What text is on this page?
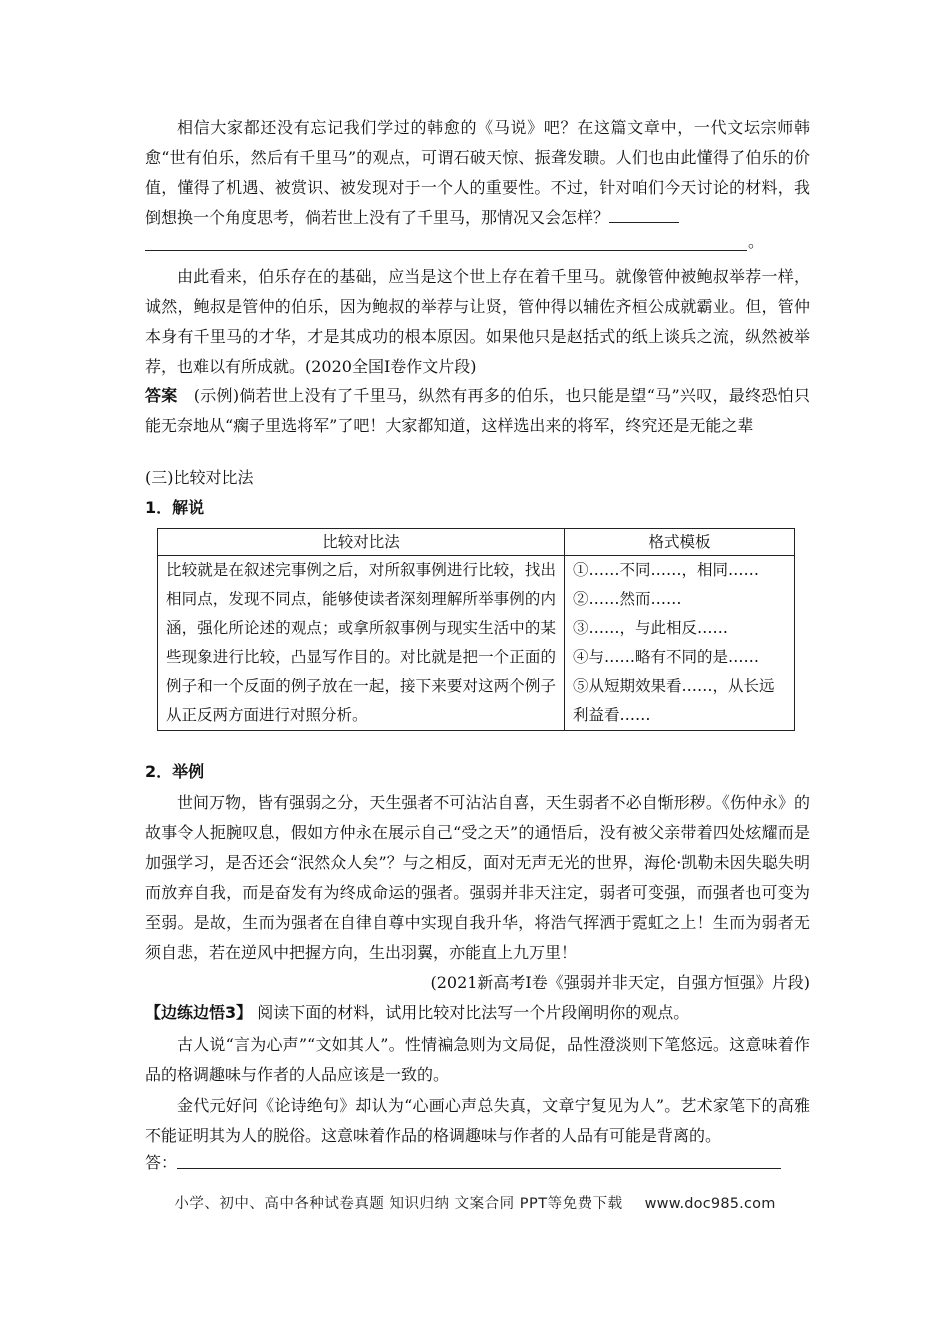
相信大家都还没有忘记我们学过的韩愈的《马说》吧？在这篇文章中，一代文坛宗师韩愈“世有伯乐，然后有千里马”的观点，可谓石破天惊、振聋发聩。人们也由此懂得了伯乐的价值，懂得了机遇、被赏识、被发现对于一个人的重要性。不过，针对咱们今天讨论的材料，我倒想换一个角度思考，倘若世上没有了千里马，那情况又会怎样？

。

由此看来，伯乐存在的基础，应当是这个世上存在着千里马。就像管仲被鲍叔举荐一样，诚然，鲍叔是管仲的伯乐，因为鲍叔的举荐与让贤，管仲得以辅佐齐桓公成就霸业。但，管仲本身有千里马的才华，才是其成功的根本原因。如果他只是赵括式的纸上谈兵之流，纵然被举荐，也难以有所成就。(2020全国Ⅰ卷作文片段)

答案 (示例)倘若世上没有了千里马，纵然有再多的伯乐，也只能是望“马”兴叹，最终恐怕只能无奈地从“瘸子里选将军”了吧！大家都知道，这样选出来的将军，终究还是无能之辈

(三)比较对比法

1．解说

比较对比法	格式模板

比较就是在叙述完事例之后，对所叙事例进行比较，找出相同点，发现不同点，能够使读者深刻理解所举事例的内涵，强化所论述的观点；或拿所叙事例与现实生活中的某些现象进行比较，凸显写作目的。对比就是把一个正面的例子和一个反面的例子放在一起，接下来要对这两个例子从正反两方面进行对照分析。	①……不同……，相同……
②……然而……
③……，与此相反……
④与……略有不同的是……
⑤从短期效果看……，从长远利益看……

2．举例

世间万物，皆有强弱之分，天生强者不可沾沾自喜，天生弱者不必自惭形秽。《伤仲永》的故事令人扼腕叹息，假如方仲永在展示自己“受之天”的通悟后，没有被父亲带着四处炫耀而是加强学习，是否还会“泯然众人矣”？与之相反，面对无声无光的世界，海伦·凯勒未因失聪失明而放弃自我，而是奋发有为终成命运的强者。强弱并非天注定，弱者可变强，而强者也可变为至弱。是故，生而为强者在自律自尊中实现自我升华，将浩气挥洒于霓虹之上！生而为弱者无须自悲，若在逆风中把握方向，生出羽翼，亦能直上九万里！

(2021新高考Ⅰ卷《强弱并非天定，自强方恒强》片段)

【边练边悟3】 阅读下面的材料，试用比较对比法写一个片段阐明你的观点。

古人说“言为心声”“文如其人”。性情褊急则为文局促，品性澄淡则下笔悠远。这意味着作品的格调趣味与作者的人品应该是一致的。

金代元好问《论诗绝句》却认为“心画心声总失真，文章宁复见为人”。艺术家笔下的高雅不能证明其为人的脱俗。这意味着作品的格调趣味与作者的人品有可能是背离的。

答：

小学、初中、高中各种试卷真题 知识归纳 文案合同 PPT等免费下载 www.doc985.com
